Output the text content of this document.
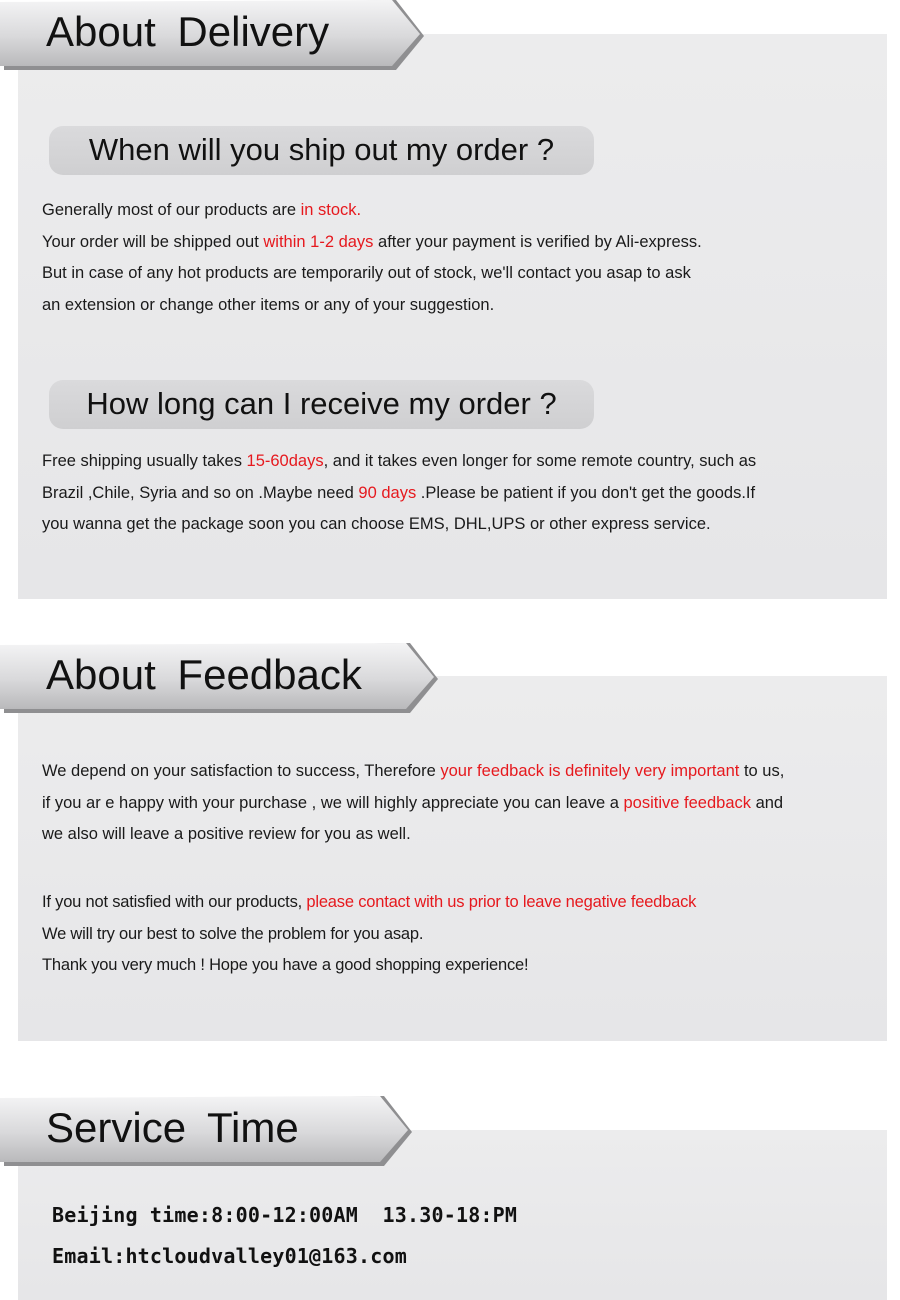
About Delivery
When will you ship out my order ?
Generally most of our products are in stock.
Your order will be shipped out within 1-2 days after your payment is verified by Ali-express.
But in case of any hot products are temporarily out of stock, we'll contact you asap to ask
an extension or change other items or any of your suggestion.
How long can I receive my order ?
Free shipping usually takes 15-60days, and it takes even longer for some remote country, such as
Brazil ,Chile, Syria and so on .Maybe need 90 days .Please be patient if you don't get the goods.If
you wanna get the package soon you can choose EMS, DHL,UPS or other express service.
About Feedback
We depend on your satisfaction to success, Therefore your feedback is definitely very important to us,
if you ar e happy with your purchase , we will highly appreciate you can leave a positive feedback and
we also will leave a positive review for you as well.
If you not satisfied with our products, please contact with us prior to leave negative feedback
We will try our best to solve the problem for you asap.
Thank you very much ! Hope you have a good shopping experience!
Service Time
Beijing time:8:00-12:00AM  13.30-18:PM
Email:htcloudvalley01@163.com
